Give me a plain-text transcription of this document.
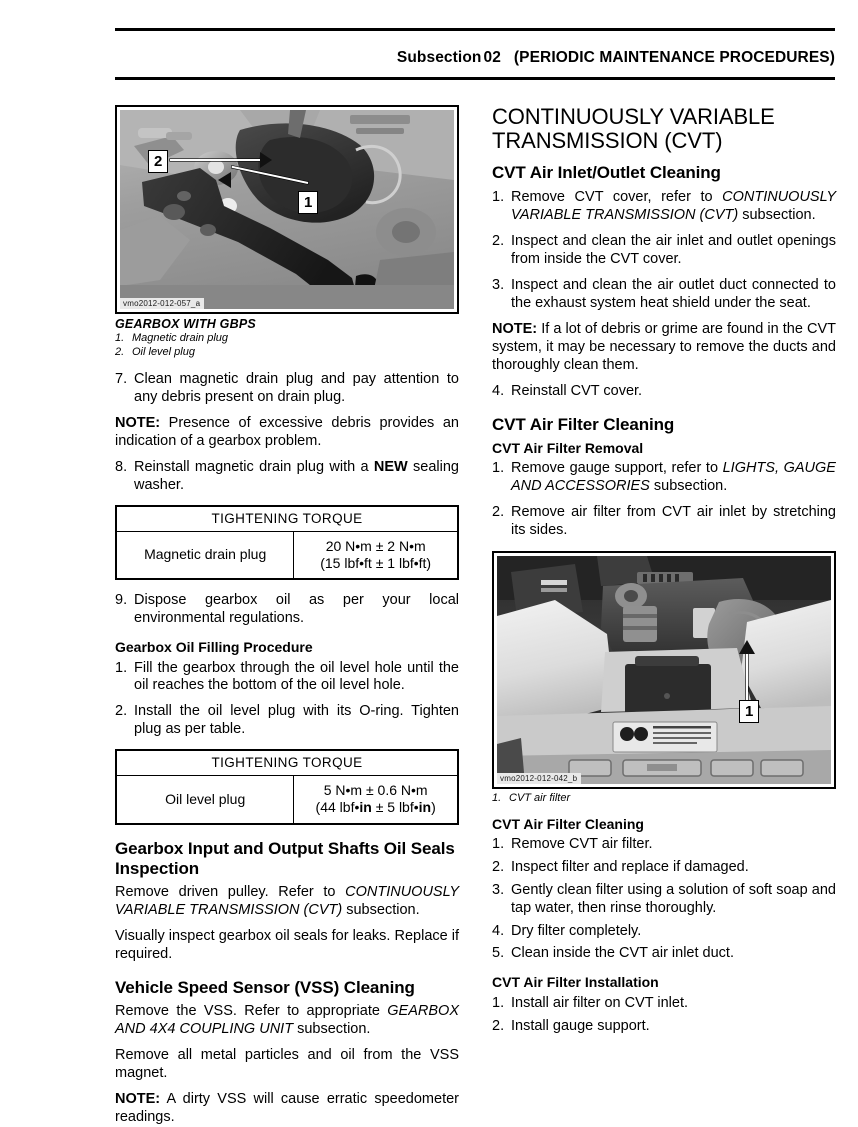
Subsection 02 (PERIODIC MAINTENANCE PROCEDURES)
2
1
vmo2012-012-057_a
GEARBOX WITH GBPS
1. Magnetic drain plug
2. Oil level plug
7. Clean magnetic drain plug and pay attention to any debris present on drain plug.

NOTE: Presence of excessive debris provides an indication of a gearbox problem.

8. Reinstall magnetic drain plug with a NEW sealing washer.
TIGHTENING TORQUE
Magnetic drain plug	20 N•m ± 2 N•m
(15 lbf•ft ± 1 lbf•ft)
9. Dispose gearbox oil as per your local environmental regulations.
Gearbox Oil Filling Procedure
1. Fill the gearbox through the oil level hole until the oil reaches the bottom of the oil level hole.
2. Install the oil level plug with its O-ring. Tighten plug as per table.
TIGHTENING TORQUE
Oil level plug	5 N•m ± 0.6 N•m
(44 lbf•in ± 5 lbf•in)
Gearbox Input and Output Shafts Oil Seals Inspection

Remove driven pulley. Refer to CONTINUOUSLY VARIABLE TRANSMISSION (CVT) subsection.

Visually inspect gearbox oil seals for leaks. Replace if required.

Vehicle Speed Sensor (VSS) Cleaning

Remove the VSS. Refer to appropriate GEARBOX AND 4X4 COUPLING UNIT subsection.

Remove all metal particles and oil from the VSS magnet.

NOTE: A dirty VSS will cause erratic speedometer readings.

CONTINUOUSLY VARIABLE
TRANSMISSION (CVT)
CVT Air Inlet/Outlet Cleaning
1. Remove CVT cover, refer to CONTINUOUSLY VARIABLE TRANSMISSION (CVT) subsection.
2. Inspect and clean the air inlet and outlet openings from inside the CVT cover.
3. Inspect and clean the air outlet duct connected to the exhaust system heat shield under the seat.

NOTE: If a lot of debris or grime are found in the CVT system, it may be necessary to remove the ducts and thoroughly clean them.

4. Reinstall CVT cover.
CVT Air Filter Cleaning
CVT Air Filter Removal
1. Remove gauge support, refer to LIGHTS, GAUGE AND ACCESSORIES subsection.
2. Remove air filter from CVT air inlet by stretching its sides.
1
vmo2012-012-042_b
1. CVT air filter
CVT Air Filter Cleaning
1. Remove CVT air filter.
2. Inspect filter and replace if damaged.
3. Gently clean filter using a solution of soft soap and tap water, then rinse thoroughly.
4. Dry filter completely.
5. Clean inside the CVT air inlet duct.
CVT Air Filter Installation
1. Install air filter on CVT inlet.
2. Install gauge support.
